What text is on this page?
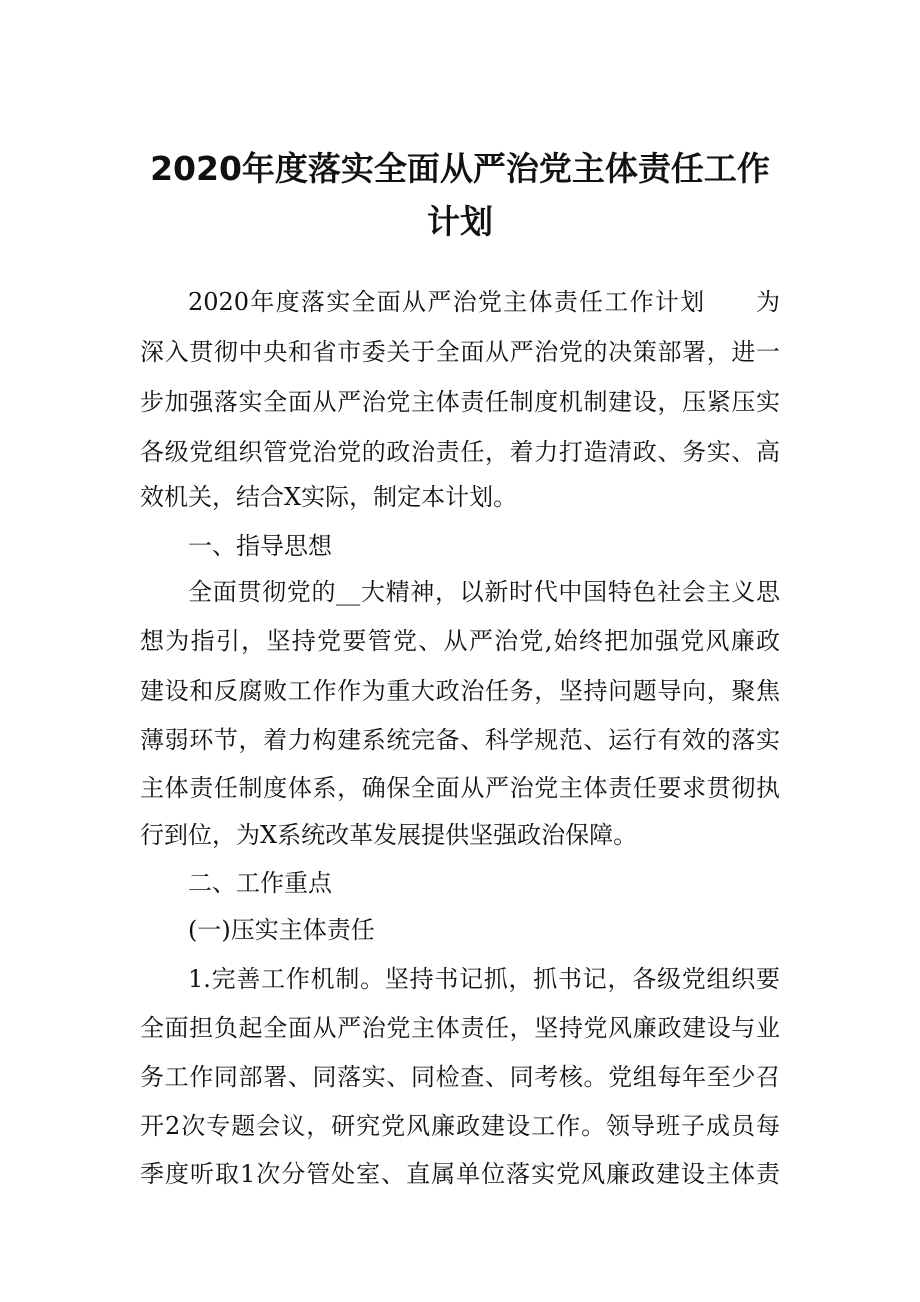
2020年度落实全面从严治党主体责任工作
计划
2020年度落实全面从严治党主体责任工作计划　　为
深入贯彻中央和省市委关于全面从严治党的决策部署，进一
步加强落实全面从严治党主体责任制度机制建设，压紧压实
各级党组织管党治党的政治责任，着力打造清政、务实、高
效机关，结合X实际，制定本计划。
一、指导思想
全面贯彻党的__大精神，以新时代中国特色社会主义思
想为指引，坚持党要管党、从严治党,始终把加强党风廉政
建设和反腐败工作作为重大政治任务，坚持问题导向，聚焦
薄弱环节，着力构建系统完备、科学规范、运行有效的落实
主体责任制度体系，确保全面从严治党主体责任要求贯彻执
行到位，为X系统改革发展提供坚强政治保障。
二、工作重点
(一)压实主体责任
1.完善工作机制。坚持书记抓，抓书记，各级党组织要
全面担负起全面从严治党主体责任，坚持党风廉政建设与业
务工作同部署、同落实、同检查、同考核。党组每年至少召
开2次专题会议，研究党风廉政建设工作。领导班子成员每
季度听取1次分管处室、直属单位落实党风廉政建设主体责
